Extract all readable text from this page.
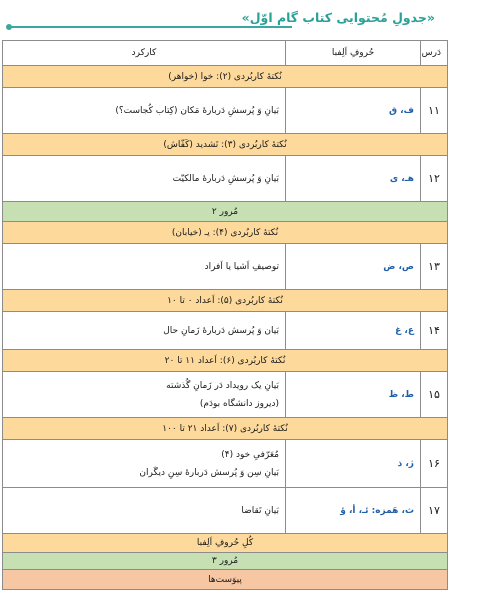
«جدولِ مُحتوایی کتاب گام اوّل»
دَرس	حُروفِ اَلِفبا	کارکرد
نُکتهٔ کاربُردی (۲): خوا (خواهر)		
۱۱	ف، ق	بَیانِ وَ پُرسشِ دَربارهٔ مَکان (کِتاب کُجاست؟)
نُکتهٔ کاربُردی (۳): تَشدید (کَفّاش)		
۱۲	هـ، ی	بَیانِ وَ پُرسشِ دَربارهٔ مالکیّت
مُرور ۲		
نُکتهٔ کاربُردی (۴): یـ (خیابان)		
۱۳	ص، ض	توصیفِ اَشیا یا اَفراد
نُکتهٔ کاربُردی (۵): اَعداد ۰ تا ۱۰		
۱۴	ع، غ	بَیان وَ پُرسش دَربارهٔ زَمانِ حال
نُکتهٔ کاربُردی (۶): اَعداد ۱۱ تا ۲۰		
۱۵	ط، ظ	بَیانِ یک رویداد دَر زَمانِ گُذشته
(دیروز دانشگاه بودَم)

نُکتهٔ کاربُردی (۷): اَعداد ۲۱ تا ۱۰۰		
۱۶	ژ، ذ	مُعَرّفیِ خود (۴)
بَیانِ سِن وَ پُرسش دَربارهٔ سِنِ دیگَران

۱۷	ث، هَمزه: ئـ، أ، ؤ	بَیانِ تَقاضا
کُلِ حُروفِ اَلِفبا		
مُرور ۳		
پیوَست‌ها		
